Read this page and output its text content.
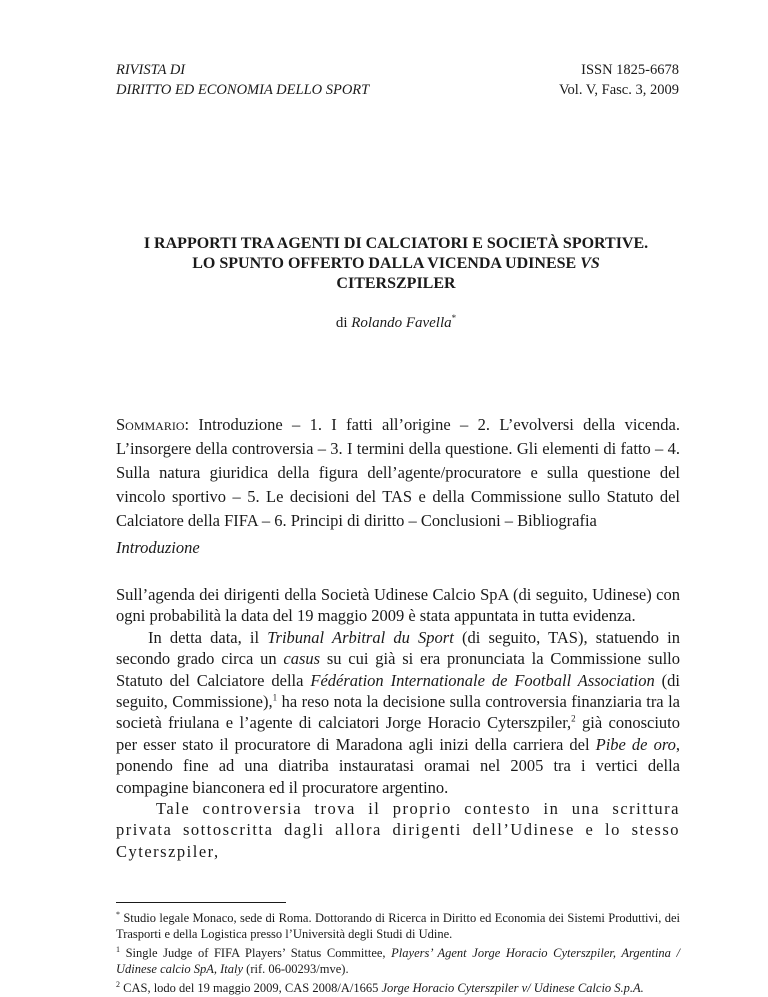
RIVISTA DI
DIRITTO ED ECONOMIA DELLO SPORT
ISSN 1825-6678
Vol. V, Fasc. 3, 2009
I RAPPORTI TRA AGENTI DI CALCIATORI E SOCIETÀ SPORTIVE.
LO SPUNTO OFFERTO DALLA VICENDA UDINESE VS
CITERSZPILER
di Rolando Favella*
Sommario: Introduzione – 1. I fatti all’origine – 2. L’evolversi della vicenda. L’insorgere della controversia – 3. I termini della questione. Gli elementi di fatto – 4. Sulla natura giuridica della figura dell’agente/procuratore e sulla questione del vincolo sportivo – 5. Le decisioni del TAS e della Commissione sullo Statuto del Calciatore della FIFA – 6. Principi di diritto – Conclusioni – Bibliografia
Introduzione

Sull’agenda dei dirigenti della Società Udinese Calcio SpA (di seguito, Udinese) con ogni probabilità la data del 19 maggio 2009 è stata appuntata in tutta evidenza.

In detta data, il Tribunal Arbitral du Sport (di seguito, TAS), statuendo in secondo grado circa un casus su cui già si era pronunciata la Commissione sullo Statuto del Calciatore della Fédération Internationale de Football Association (di seguito, Commissione),$^1$ ha reso nota la decisione sulla controversia finanziaria tra la società friulana e l’agente di calciatori Jorge Horacio Cyterszpiler,$^2$ già conosciuto per esser stato il procuratore di Maradona agli inizi della carriera del Pibe de oro, ponendo fine ad una diatriba instauratasi oramai nel 2005 tra i vertici della compagine bianconera ed il procuratore argentino.

Tale controversia trova il proprio contesto in una scrittura privata sottoscritta dagli allora dirigenti dell’Udinese e lo stesso Cyterszpiler,

* Studio legale Monaco, sede di Roma. Dottorando di Ricerca in Diritto ed Economia dei Sistemi Produttivi, dei Trasporti e della Logistica presso l’Università degli Studi di Udine.

$^1$ Single Judge of FIFA Players’ Status Committee, Players’ Agent Jorge Horacio Cyterszpiler, Argentina / Udinese calcio SpA, Italy (rif. 06-00293/mve).

$^2$ CAS, lodo del 19 maggio 2009, CAS 2008/A/1665 Jorge Horacio Cyterszpiler v/ Udinese Calcio S.p.A.
